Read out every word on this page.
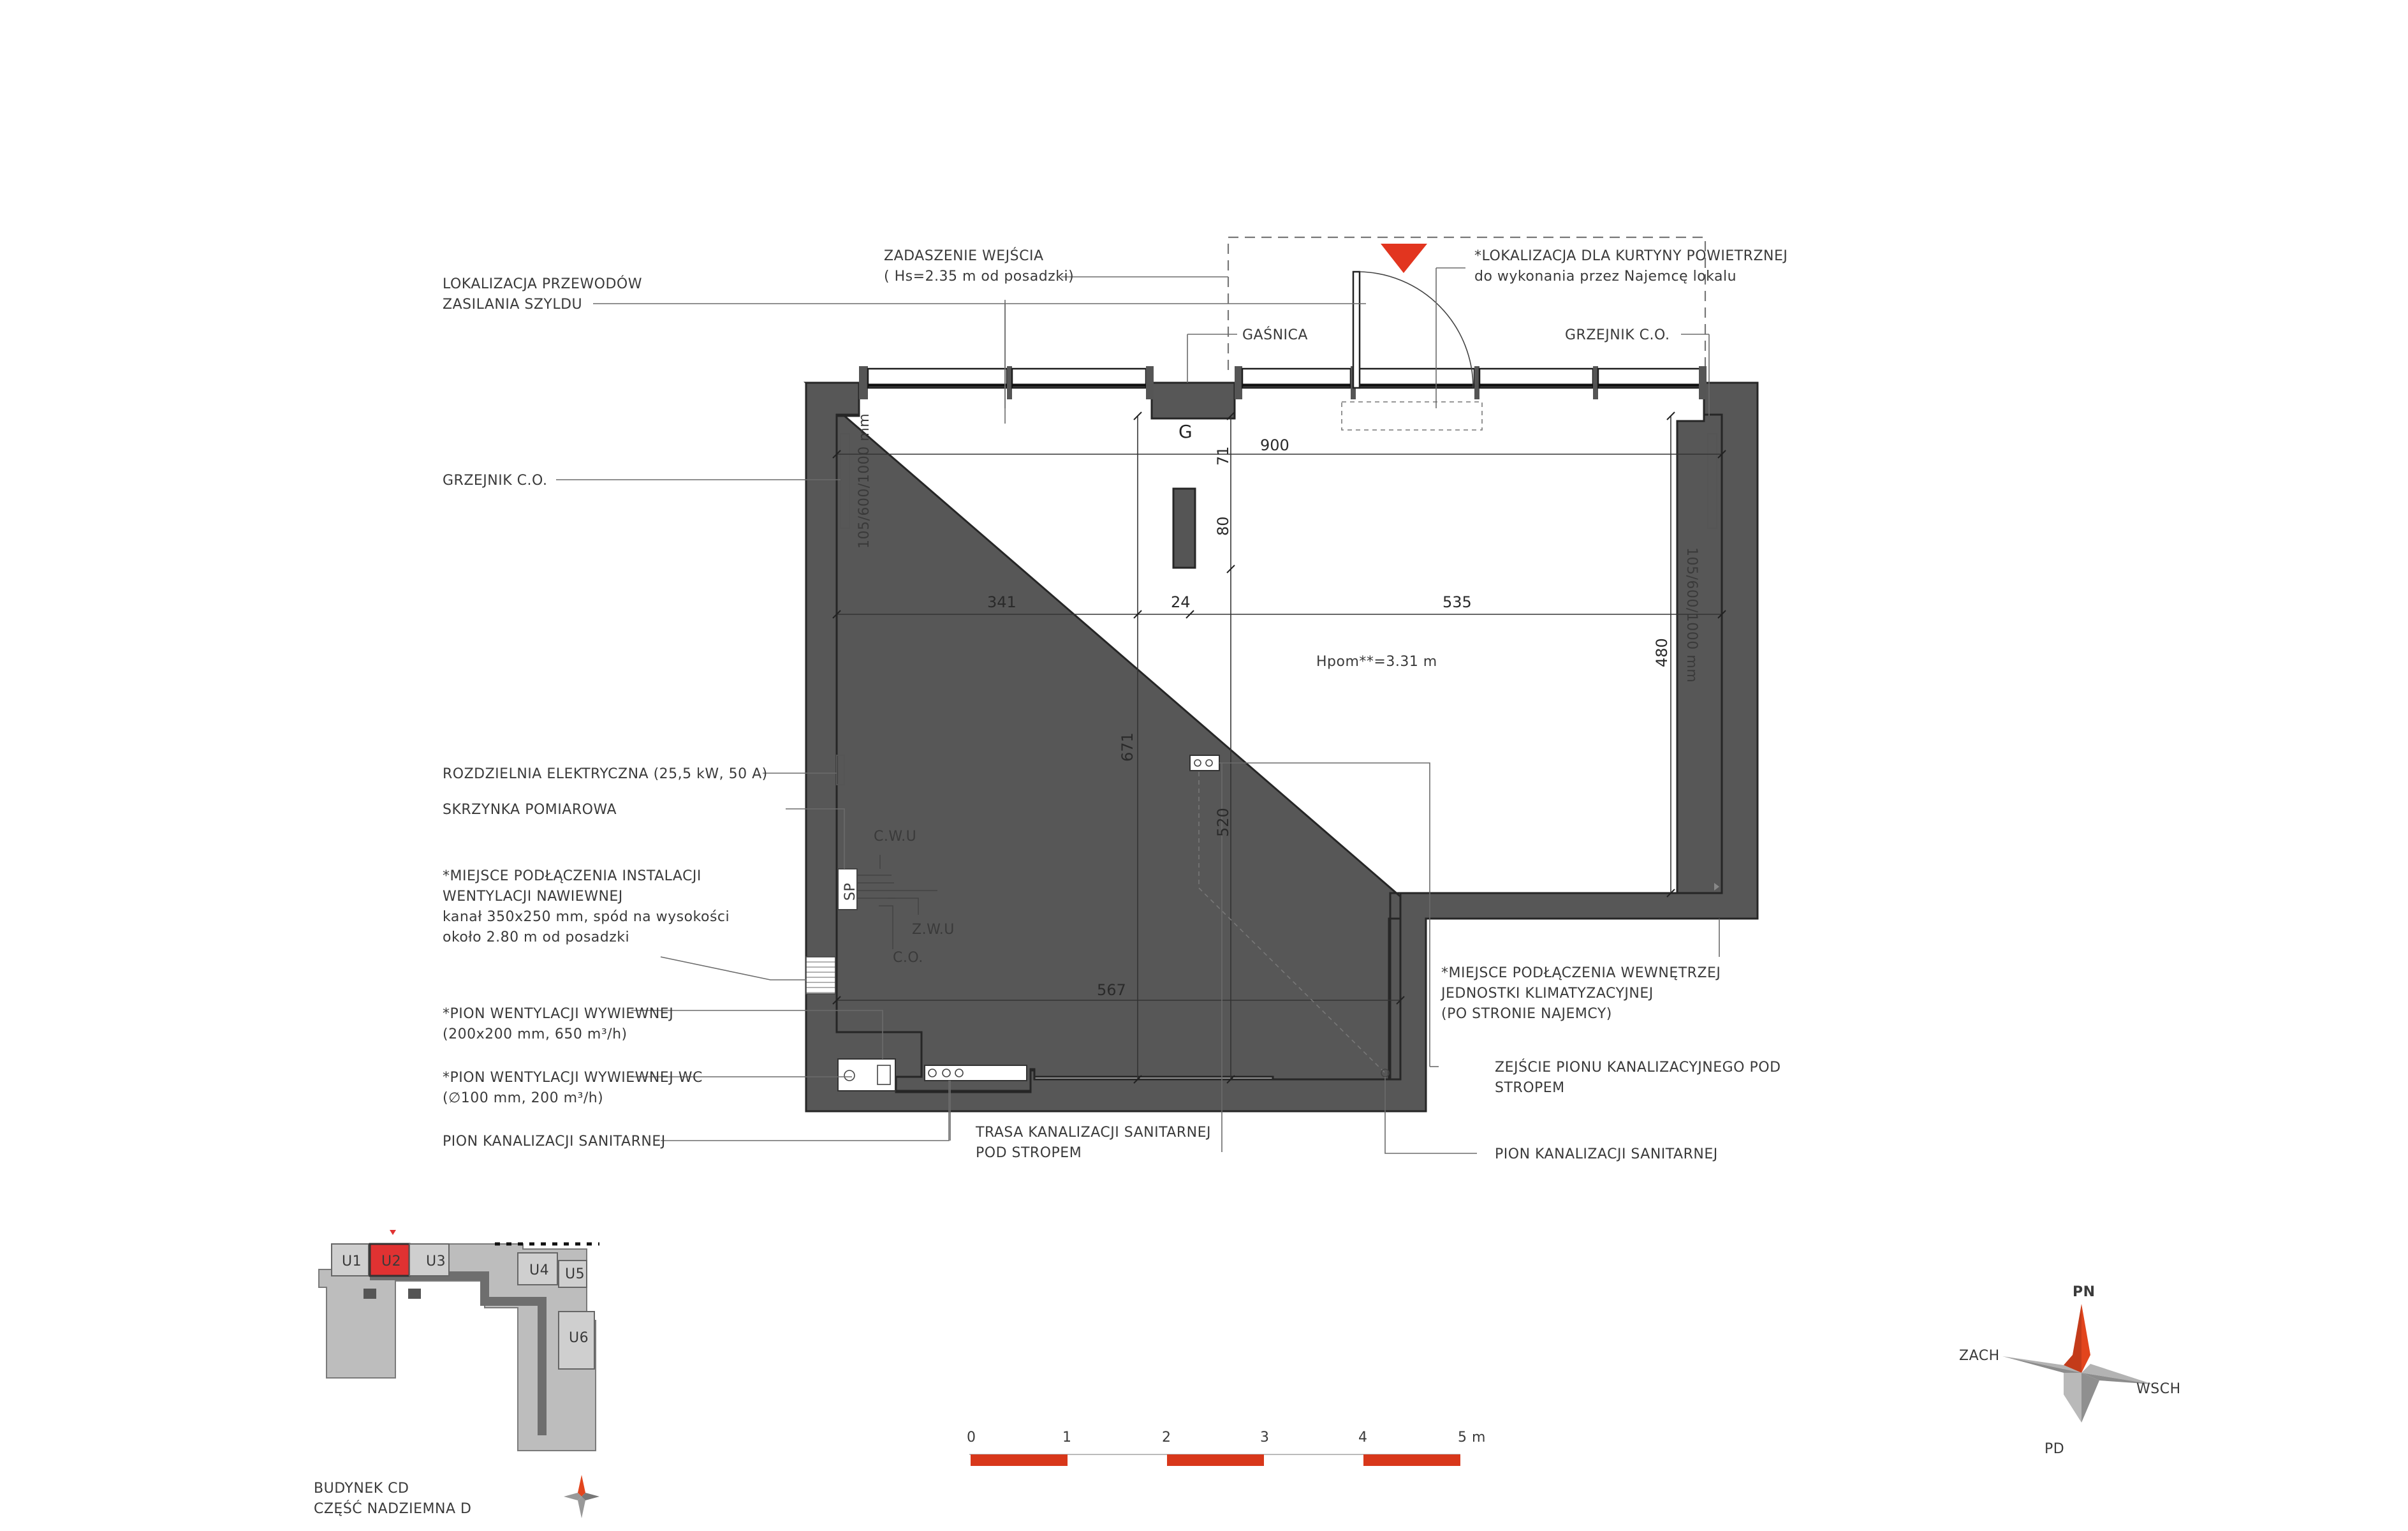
ZADASZENIE WEJŚCIA
( Hs=2.35 m od posadzki)
*LOKALIZACJA DLA KURTYNY POWIETRZNEJ
do wykonania przez Najemcę lokalu
LOKALIZACJA PRZEWODÓW
ZASILANIA SZYLDU
GAŚNICA	GRZEJNIK C.O.
GRZEJNIK C.O.
ROZDZIELNIA ELEKTRYCZNA (25,5 kW, 50 A)
SKRZYNKA POMIAROWA
C.W.U
Z.W.U
C.O.
*MIEJSCE PODŁĄCZENIA INSTALACJI
WENTYLACJI NAWIEWNEJ
kanał 350x250 mm, spód na wysokości
około 2.80 m od posadzki
*PION WENTYLACJI WYWIEWNEJ
(200x200 mm, 650 m³/h)
*PION WENTYLACJI WYWIEWNEJ WC
(∅100 mm, 200 m³/h)
PION KANALIZACJI SANITARNEJ
TRASA KANALIZACJI SANITARNEJ
POD STROPEM
*MIEJSCE PODŁĄCZENIA WEWNĘTRZEJ
JEDNOSTKI KLIMATYZACYJNEJ
(PO STRONIE NAJEMCY)
ZEJŚCIE PIONU KANALIZACYJNEGO POD
STROPEM
PION KANALIZACJI SANITARNEJ
900
341	24	535
567
71
80
671
480
520
105/600/1000 mm
105/600/1000 mm
SP
G
Hpom**=3.31 m
0	1	2	3	4	5 m
U1 U2 U3
U4 U5
U6
BUDYNEK CD
CZĘŚĆ NADZIEMNA D
PN
ZACH
WSCH
PD
